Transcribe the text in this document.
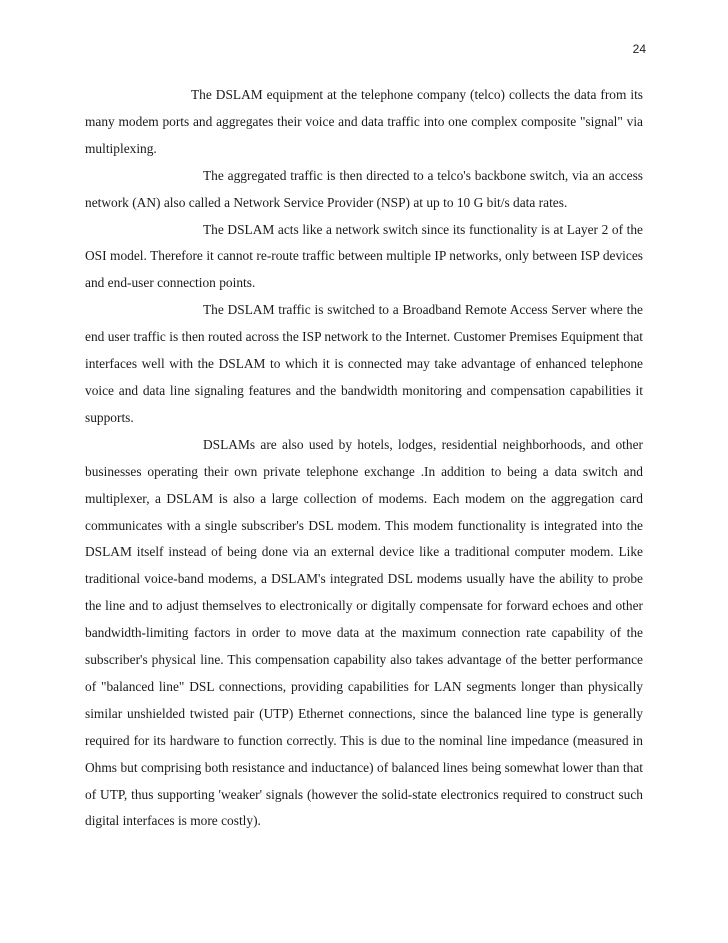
24

The DSLAM equipment at the telephone company (telco) collects the data from its many modem ports and aggregates their voice and data traffic into one complex composite "signal" via multiplexing.

The aggregated traffic is then directed to a telco's backbone switch, via an access network (AN) also called a Network Service Provider (NSP) at up to 10 G bit/s data rates.

The DSLAM acts like a network switch since its functionality is at Layer 2 of the OSI model. Therefore it cannot re-route traffic between multiple IP networks, only between ISP devices and end-user connection points.

The DSLAM traffic is switched to a Broadband Remote Access Server where the end user traffic is then routed across the ISP network to the Internet. Customer Premises Equipment that interfaces well with the DSLAM to which it is connected may take advantage of enhanced telephone voice and data line signaling features and the bandwidth monitoring and compensation capabilities it supports.

DSLAMs are also used by hotels, lodges, residential neighborhoods, and other businesses operating their own private telephone exchange .In addition to being a data switch and multiplexer, a DSLAM is also a large collection of modems. Each modem on the aggregation card communicates with a single subscriber's DSL modem. This modem functionality is integrated into the DSLAM itself instead of being done via an external device like a traditional computer modem. Like traditional voice-band modems, a DSLAM's integrated DSL modems usually have the ability to probe the line and to adjust themselves to electronically or digitally compensate for forward echoes and other bandwidth-limiting factors in order to move data at the maximum connection rate capability of the subscriber's physical line. This compensation capability also takes advantage of the better performance of "balanced line" DSL connections, providing capabilities for LAN segments longer than physically similar unshielded twisted pair (UTP) Ethernet connections, since the balanced line type is generally required for its hardware to function correctly. This is due to the nominal line impedance (measured in Ohms but comprising both resistance and inductance) of balanced lines being somewhat lower than that of UTP, thus supporting 'weaker' signals (however the solid-state electronics required to construct such digital interfaces is more costly).
